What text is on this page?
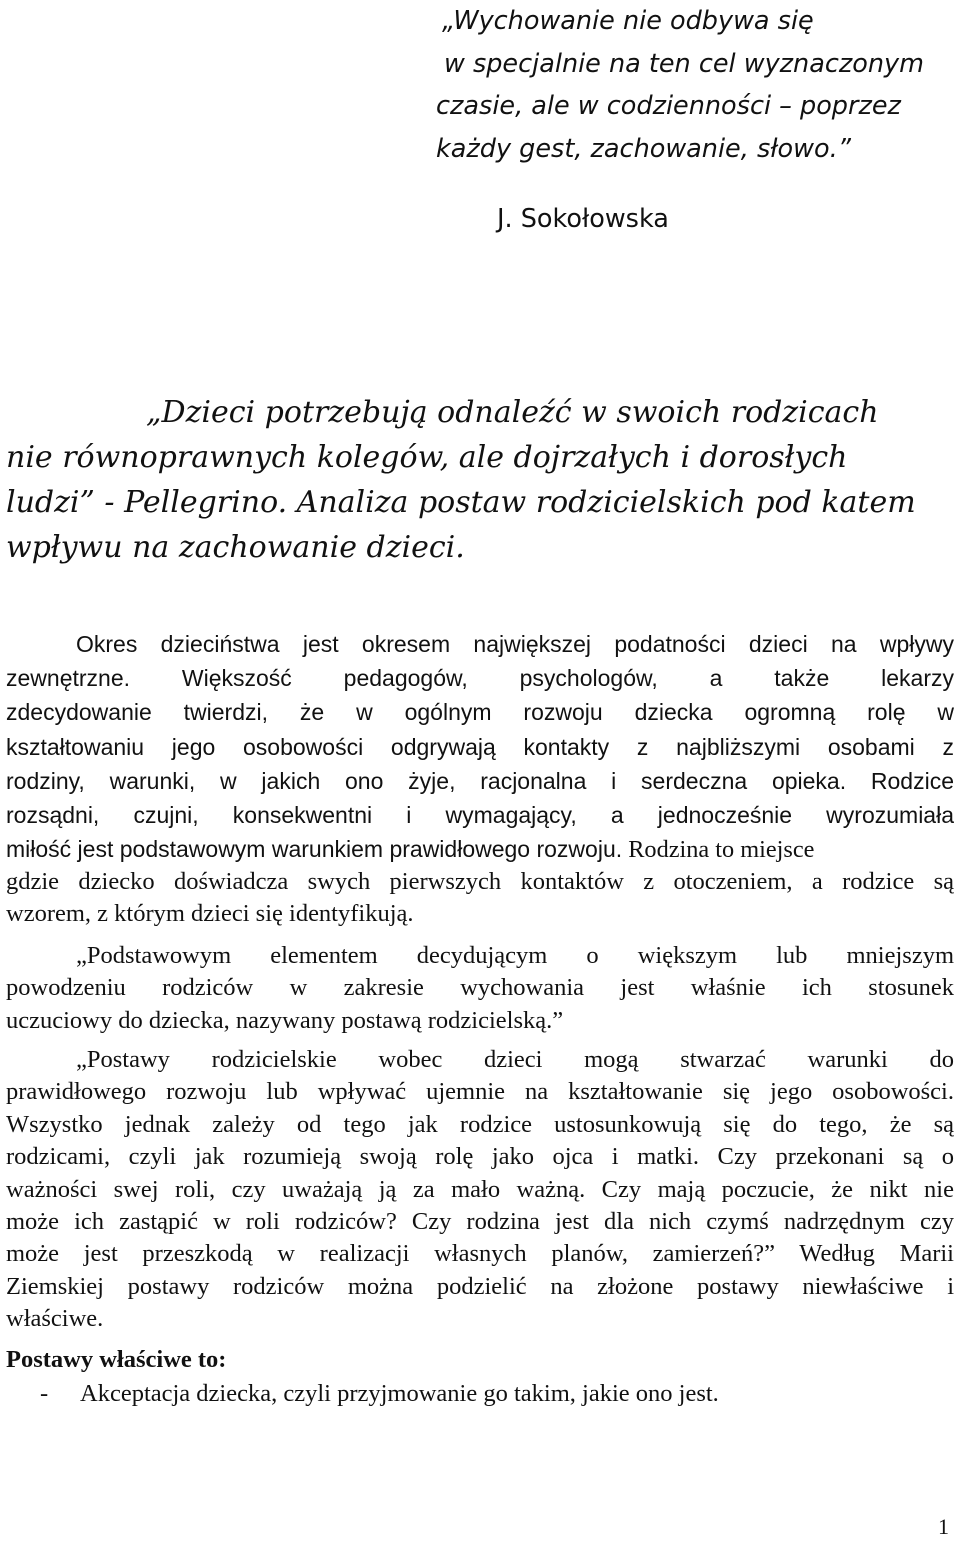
„Wychowanie nie odbywa się
w specjalnie na ten cel wyznaczonym
czasie, ale w codzienności – poprzez
każdy gest, zachowanie, słowo.”
J. Sokołowska
„Dzieci potrzebują odnaleźć w swoich rodzicach
nie równoprawnych kolegów, ale dojrzałych i dorosłych
ludzi” - Pellegrino. Analiza postaw rodzicielskich pod katem
wpływu na zachowanie dzieci.
Okres dzieciństwa jest okresem największej podatności dzieci na wpływy
zewnętrzne. Większość pedagogów, psychologów, a także lekarzy
zdecydowanie twierdzi, że w ogólnym rozwoju dziecka ogromną rolę w
kształtowaniu jego osobowości odgrywają kontakty z najbliższymi osobami z
rodziny, warunki, w jakich ono żyje, racjonalna i serdeczna opieka. Rodzice
rozsądni, czujni, konsekwentni i wymagający, a jednocześnie wyrozumiała
miłość jest podstawowym warunkiem prawidłowego rozwoju. Rodzina to miejsce
gdzie dziecko doświadcza swych pierwszych kontaktów z otoczeniem, a rodzice są
wzorem, z którym dzieci się identyfikują.
„Podstawowym elementem decydującym o większym lub mniejszym
powodzeniu rodziców w zakresie wychowania jest właśnie ich stosunek
uczuciowy do dziecka, nazywany postawą rodzicielską.”
„Postawy rodzicielskie wobec dzieci mogą stwarzać warunki do
prawidłowego rozwoju lub wpływać ujemnie na kształtowanie się jego osobowości.
Wszystko jednak zależy od tego jak rodzice ustosunkowują się do tego, że są
rodzicami, czyli jak rozumieją swoją rolę jako ojca i matki. Czy przekonani są o
ważności swej roli, czy uważają ją za mało ważną. Czy mają poczucie, że nikt nie
może ich zastąpić w roli rodziców? Czy rodzina jest dla nich czymś nadrzędnym czy
może jest przeszkodą w realizacji własnych planów, zamierzeń?” Według Marii
Ziemskiej postawy rodziców można podzielić na złożone postawy niewłaściwe i
właściwe.
Postawy właściwe to:
- Akceptacja dziecka, czyli przyjmowanie go takim, jakie ono jest.
1
